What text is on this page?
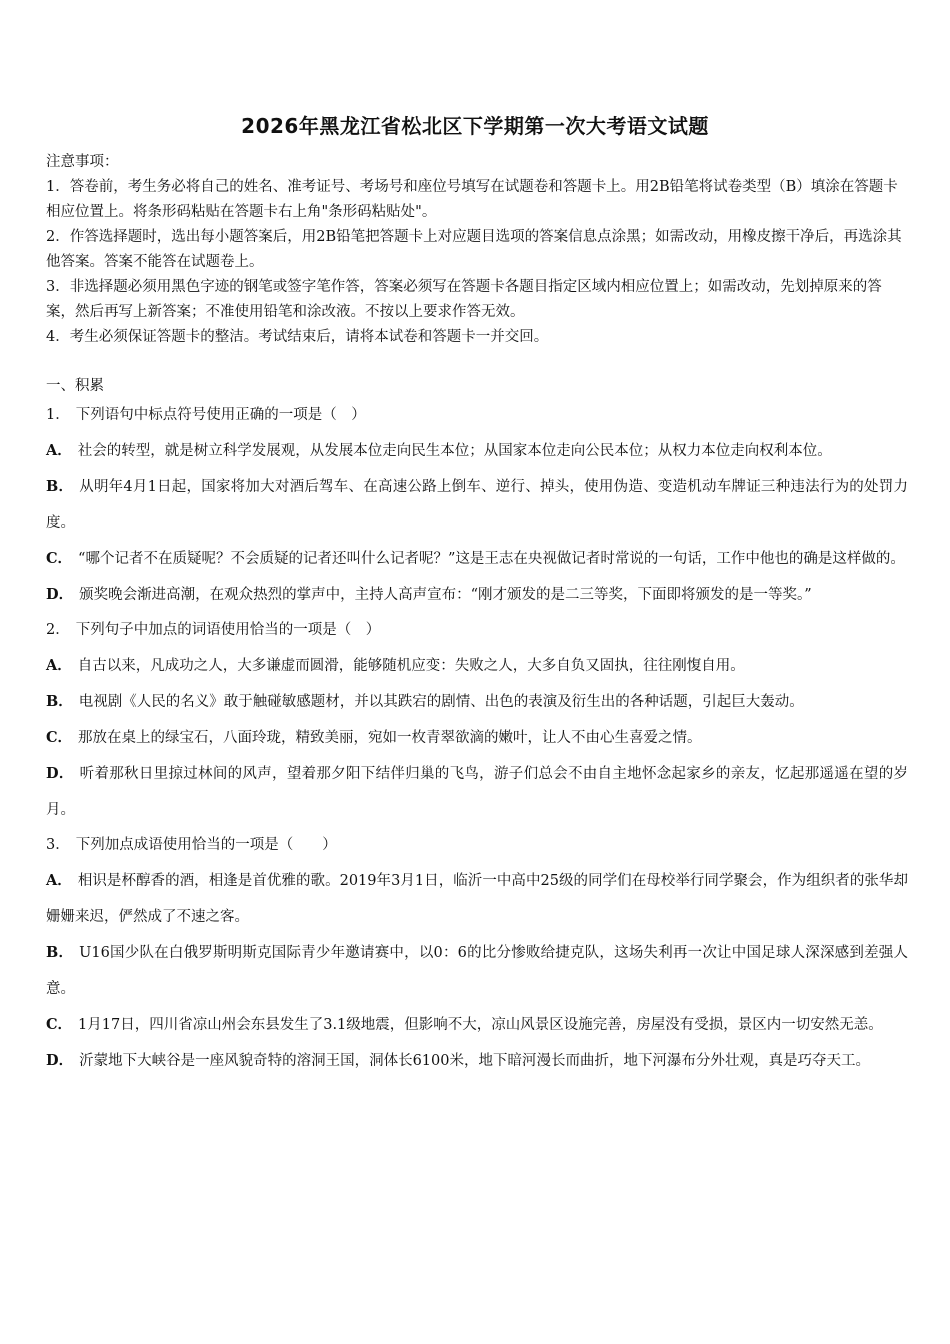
2026年黑龙江省松北区下学期第一次大考语文试题

注意事项：

1．答卷前，考生务必将自己的姓名、准考证号、考场号和座位号填写在试题卷和答题卡上。用2B铅笔将试卷类型（B）填涂在答题卡相应位置上。将条形码粘贴在答题卡右上角"条形码粘贴处"。

2．作答选择题时，选出每小题答案后，用2B铅笔把答题卡上对应题目选项的答案信息点涂黑；如需改动，用橡皮擦干净后，再选涂其他答案。答案不能答在试题卷上。

3．非选择题必须用黑色字迹的钢笔或签字笔作答，答案必须写在答题卡各题目指定区域内相应位置上；如需改动，先划掉原来的答案，然后再写上新答案；不准使用铅笔和涂改液。不按以上要求作答无效。

4．考生必须保证答题卡的整洁。考试结束后，请将本试卷和答题卡一并交回。

一、积累
1． 下列语句中标点符号使用正确的一项是（　）
A． 社会的转型，就是树立科学发展观，从发展本位走向民生本位；从国家本位走向公民本位；从权力本位走向权利本位。
B． 从明年4月1日起，国家将加大对酒后驾车、在高速公路上倒车、逆行、掉头，使用伪造、变造机动车牌证三种违法行为的处罚力度。
C． “哪个记者不在质疑呢？不会质疑的记者还叫什么记者呢？”这是王志在央视做记者时常说的一句话，工作中他也的确是这样做的。
D． 颁奖晚会渐进高潮，在观众热烈的掌声中，主持人高声宣布：“刚才颁发的是二三等奖，下面即将颁发的是一等奖。”
2． 下列句子中加点的词语使用恰当的一项是（　）
A． 自古以来，凡成功之人，大多谦虚而圆滑，能够随机应变：失败之人，大多自负又固执，往往刚愎自用。
B． 电视剧《人民的名义》敢于触碰敏感题材，并以其跌宕的剧情、出色的表演及衍生出的各种话题，引起巨大轰动。
C． 那放在桌上的绿宝石，八面玲珑，精致美丽，宛如一枚青翠欲滴的嫩叶，让人不由心生喜爱之情。
D． 听着那秋日里掠过林间的风声，望着那夕阳下结伴归巢的飞鸟，游子们总会不由自主地怀念起家乡的亲友，忆起那遥遥在望的岁月。
3． 下列加点成语使用恰当的一项是（　　）
A． 相识是杯醇香的酒，相逢是首优雅的歌。2019年3月1日，临沂一中高中25级的同学们在母校举行同学聚会，作为组织者的张华却姗姗来迟，俨然成了不速之客。
B． U16国少队在白俄罗斯明斯克国际青少年邀请赛中，以0：6的比分惨败给捷克队，这场失利再一次让中国足球人深深感到差强人意。
C． 1月17日，四川省凉山州会东县发生了3.1级地震，但影响不大，凉山风景区设施完善，房屋没有受损，景区内一切安然无恙。
D． 沂蒙地下大峡谷是一座风貌奇特的溶洞王国，洞体长6100米，地下暗河漫长而曲折，地下河瀑布分外壮观，真是巧夺天工。
